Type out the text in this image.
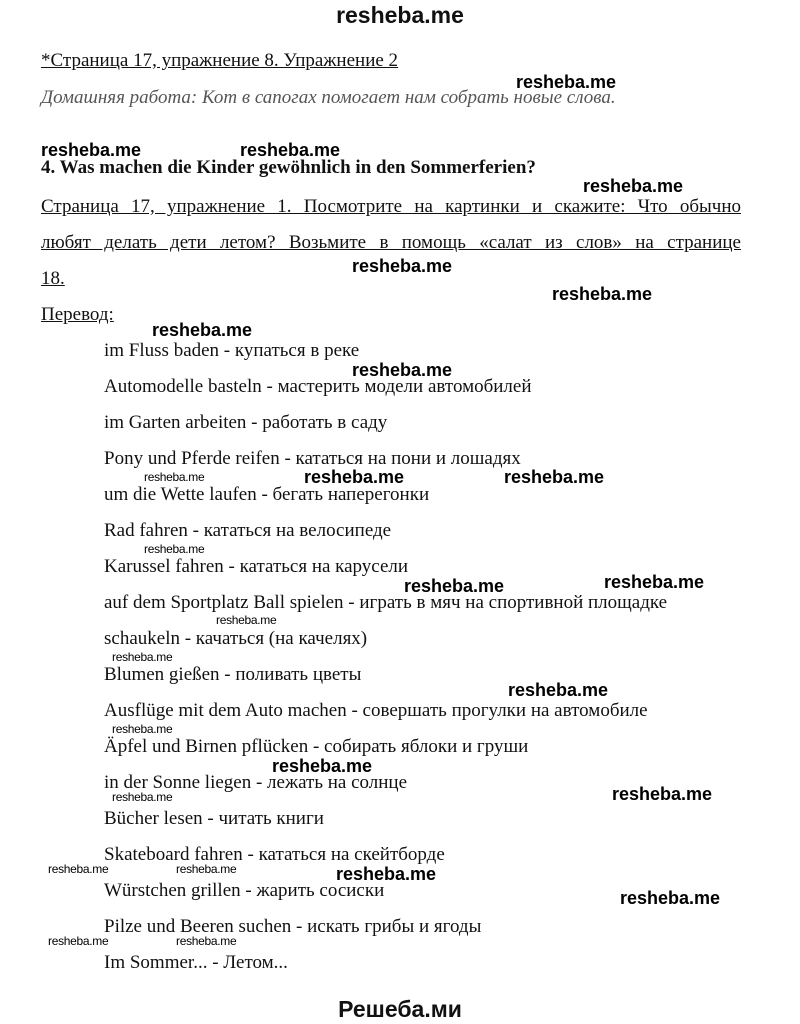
resheba.me
*Страница 17, упражнение 8. Упражнение 2
Домашняя работа: Кот в сапогах помогает нам собрать новые слова.
4. Was machen die Kinder gewöhnlich in den Sommerferien?
Страница 17, упражнение 1. Посмотрите на картинки и скажите: Что обычно
любят делать дети летом? Возьмите в помощь «салат из слов» на странице
18.
Перевод:
im Fluss baden - купаться в реке
Automodelle basteln - мастерить модели автомобилей
im Garten arbeiten - работать в саду
Pony und Pferde reifen - кататься на пони и лошадях
um die Wette laufen - бегать наперегонки
Rad fahren - кататься на велосипеде
Karussel fahren - кататься на карусели
auf dem Sportplatz Ball spielen - играть в мяч на спортивной площадке
schaukeln - качаться (на качелях)
Blumen gießen - поливать цветы
Ausflüge mit dem Auto machen - совершать прогулки на автомобиле
Äpfel und Birnen pflücken - собирать яблоки и груши
in der Sonne liegen - лежать на солнце
Bücher lesen - читать книги
Skateboard fahren - кататься на скейтборде
Würstchen grillen - жарить сосиски
Pilze und Beeren suchen - искать грибы и ягоды
Im Sommer... - Летом...
resheba.me
resheba.me	resheba.me
resheba.me
resheba.me
resheba.me
resheba.me
resheba.me
resheba.me	resheba.me
resheba.me	resheba.me
resheba.me
resheba.me
resheba.me
resheba.me
resheba.me
resheba.me
resheba.me
resheba.me
resheba.me
resheba.me
resheba.me
resheba.me	resheba.me
resheba.me	resheba.me
Решеба.ми
